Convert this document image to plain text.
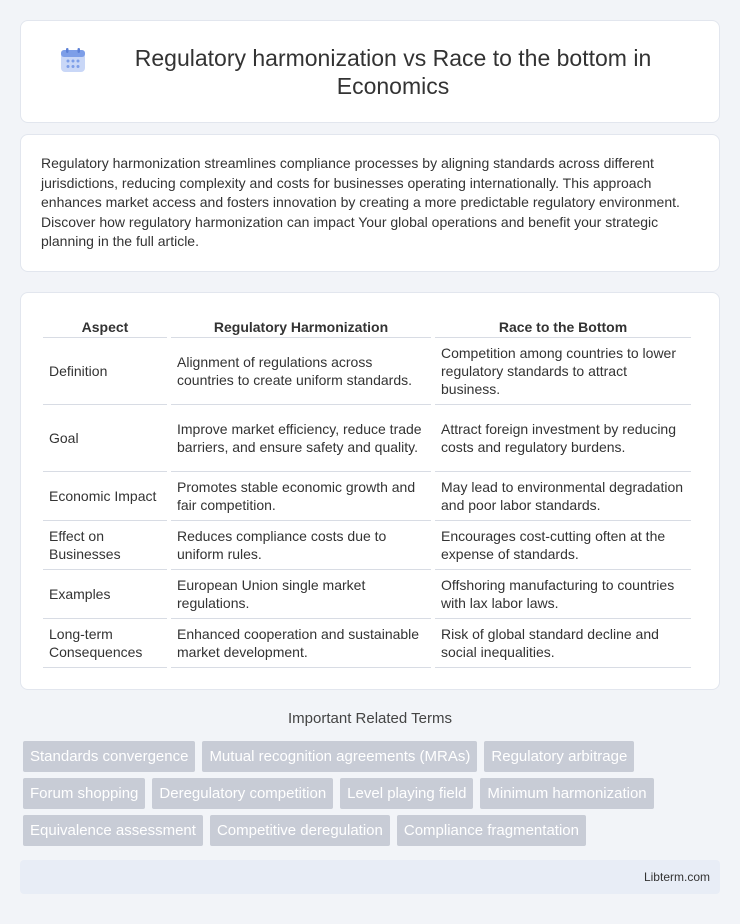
Regulatory harmonization vs Race to the bottom in Economics

Regulatory harmonization streamlines compliance processes by aligning standards across different jurisdictions, reducing complexity and costs for businesses operating internationally. This approach enhances market access and fosters innovation by creating a more predictable regulatory environment. Discover how regulatory harmonization can impact Your global operations and benefit your strategic planning in the full article.

Aspect	Regulatory Harmonization	Race to the Bottom
Definition	Alignment of regulations across countries to create uniform standards.	Competition among countries to lower regulatory standards to attract business.
Goal	Improve market efficiency, reduce trade barriers, and ensure safety and quality.	Attract foreign investment by reducing costs and regulatory burdens.
Economic Impact	Promotes stable economic growth and fair competition.	May lead to environmental degradation and poor labor standards.
Effect on Businesses	Reduces compliance costs due to uniform rules.	Encourages cost-cutting often at the expense of standards.
Examples	European Union single market regulations.	Offshoring manufacturing to countries with lax labor laws.
Long-term Consequences	Enhanced cooperation and sustainable market development.	Risk of global standard decline and social inequalities.
Important Related Terms
Standards convergence	Mutual recognition agreements (MRAs)	Regulatory arbitrage
Forum shopping	Deregulatory competition	Level playing field	Minimum harmonization
Equivalence assessment	Competitive deregulation	Compliance fragmentation
Libterm.com
